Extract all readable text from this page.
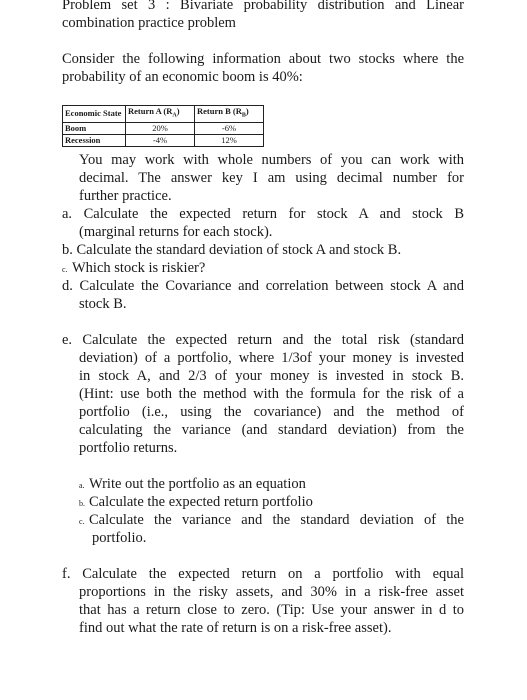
Problem set 3 : Bivariate probability distribution and Linear
combination practice problem
Consider the following information about two stocks where the
probability of an economic boom is 40%:
Economic State	Return A $(R_A)$	Return B $(R_B)$
Boom	20%	-6%
Recession	-4%	12%
You may work with whole numbers of you can work with
decimal. The answer key I am using decimal number for
further practice.
a. Calculate the expected return for stock A and stock B
(marginal returns for each stock).
b. Calculate the standard deviation of stock A and stock B.
c. Which stock is riskier?
d. Calculate the Covariance and correlation between stock A and
stock B.
e. Calculate the expected return and the total risk (standard
deviation) of a portfolio, where 1/3of your money is invested
in stock A, and 2/3 of your money is invested in stock B.
(Hint: use both the method with the formula for the risk of a
portfolio (i.e., using the covariance) and the method of
calculating the variance (and standard deviation) from the
portfolio returns.
a. Write out the portfolio as an equation
b. Calculate the expected return portfolio
c. Calculate the variance and the standard deviation of the
portfolio.
f. Calculate the expected return on a portfolio with equal
proportions in the risky assets, and 30% in a risk-free asset
that has a return close to zero. (Tip: Use your answer in d to
find out what the rate of return is on a risk-free asset).
